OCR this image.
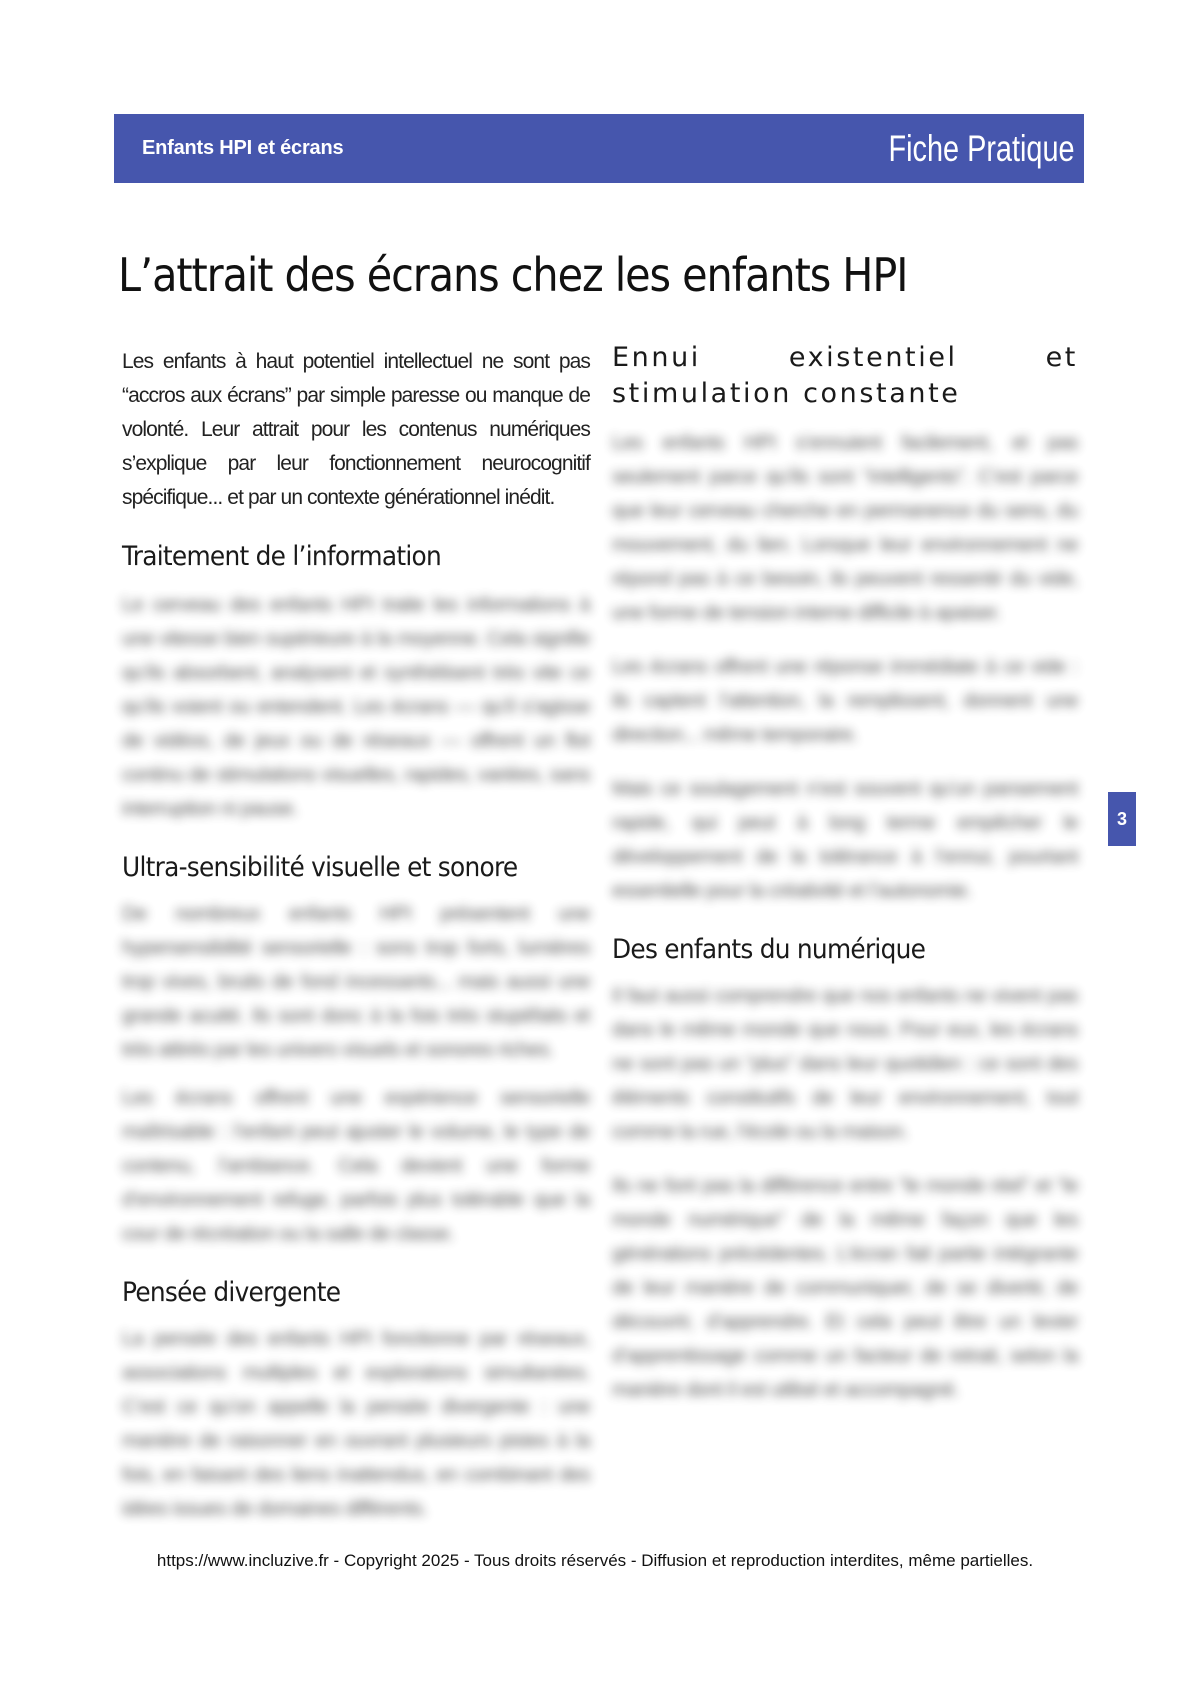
Enfants HPI et écrans	Fiche Pratique
L’attrait des écrans chez les enfants HPI
Les enfants à haut potentiel intellectuel ne sont pas “accros aux écrans” par simple paresse ou manque de volonté. Leur attrait pour les contenus numériques s’explique par leur fonctionnement neurocognitif spécifique... et par un contexte générationnel inédit.
Traitement de l’information
Le cerveau des enfants HPI traite les informations à une vitesse bien supérieure à la moyenne. Cela signifie qu’ils absorbent, analysent et synthétisent très vite ce qu’ils voient ou entendent. Les écrans — qu’il s’agisse de vidéos, de jeux ou de réseaux — offrent un flot continu de stimulations visuelles, rapides, variées, sans interruption ni pause.
Ultra-sensibilité visuelle et sonore
De nombreux enfants HPI présentent une hypersensibilité sensorielle : sons trop forts, lumières trop vives, bruits de fond incessants... mais aussi une grande acuité. Ils sont donc à la fois très stupéfaits et très attirés par les univers visuels et sonores riches.
Les écrans offrent une expérience sensorielle maîtrisable : l’enfant peut ajuster le volume, le type de contenu, l’ambiance. Cela devient une forme d’environnement refuge, parfois plus tolérable que la cour de récréation ou la salle de classe.
Pensée divergente
La pensée des enfants HPI fonctionne par réseaux, associations multiples et explorations simultanées. C’est ce qu’on appelle la pensée divergente : une manière de raisonner en ouvrant plusieurs pistes à la fois, en faisant des liens inattendus, en combinant des idées issues de domaines différents.
Ennui existentiel et stimulation constante
Les enfants HPI s’ennuient facilement, et pas seulement parce qu’ils sont “intelligents”. C’est parce que leur cerveau cherche en permanence du sens, du mouvement, du lien. Lorsque leur environnement ne répond pas à ce besoin, ils peuvent ressentir du vide, une forme de tension interne difficile à apaiser.
Les écrans offrent une réponse immédiate à ce vide : ils captent l’attention, la remplissent, donnent une direction... même temporaire.
Mais ce soulagement n’est souvent qu’un pansement rapide, qui peut à long terme empêcher le développement de la tolérance à l’ennui, pourtant essentielle pour la créativité et l’autonomie.
Des enfants du numérique
Il faut aussi comprendre que nos enfants ne vivent pas dans le même monde que nous. Pour eux, les écrans ne sont pas un “plus” dans leur quotidien : ce sont des éléments constitutifs de leur environnement, tout comme la rue, l’école ou la maison.
Ils ne font pas la différence entre “le monde réel” et “le monde numérique” de la même façon que les générations précédentes. L’écran fait partie intégrante de leur manière de communiquer, de se divertir, de découvrir, d’apprendre. Et cela peut être un levier d’apprentissage comme un facteur de retrait, selon la manière dont il est utilisé et accompagné.
3
https://www.incluzive.fr - Copyright 2025 - Tous droits réservés - Diffusion et reproduction interdites, même partielles.
